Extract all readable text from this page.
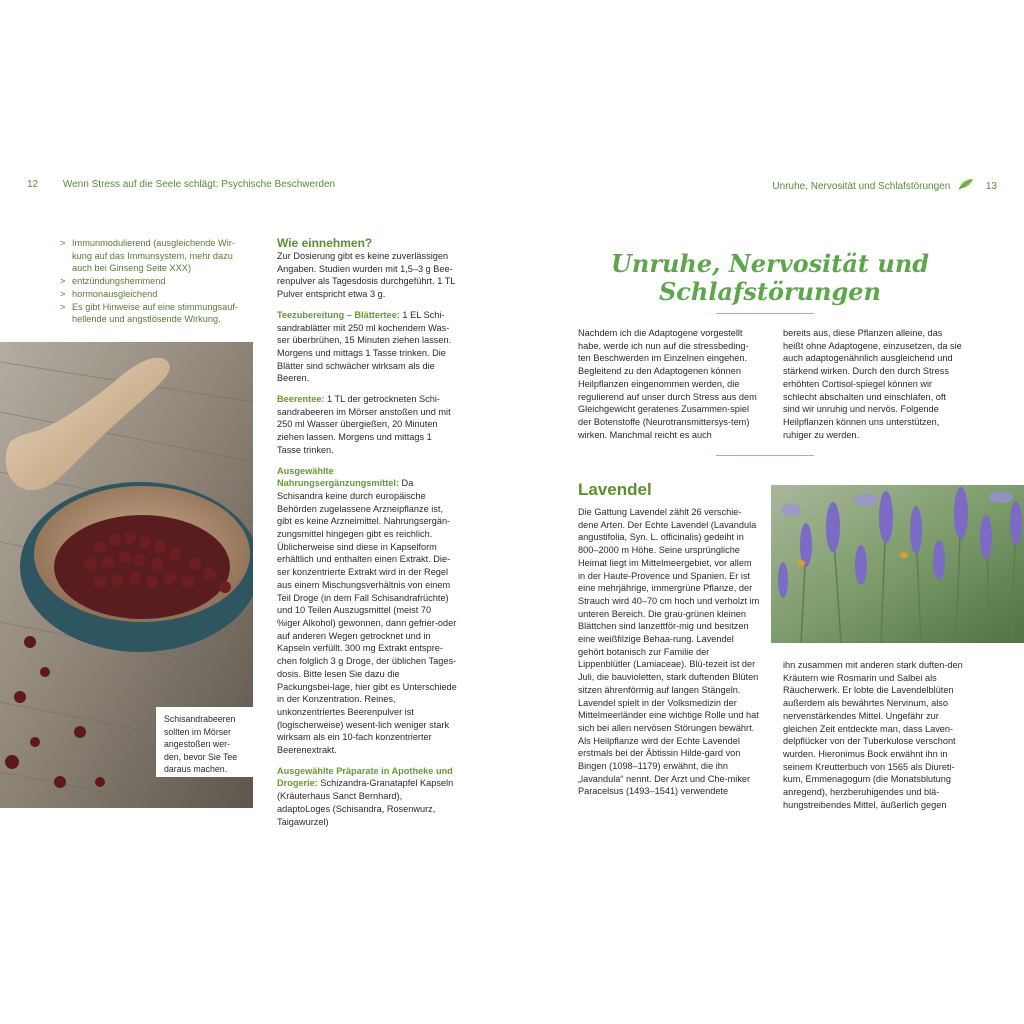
12 Wenn Stress auf die Seele schlägt: Psychische Beschwerden	Unruhe, Nervosität und Schlafstörungen	13
> Immunmodulierend (ausgleichende Wir-kung auf das Immunsystem, mehr dazu auch bei Ginseng Seite XXX)
> entzündungshemmend
> hormonausgleichend
> Es gibt Hinweise auf eine stimmungsauf-hellende und angstlösende Wirkung.
Schisandrabeeren sollten im Mörser angestoßen wer-den, bevor Sie Tee daraus machen.
Wie einnehmen?

Zur Dosierung gibt es keine zuverlässigen Angaben. Studien wurden mit 1,5–3 g Bee-renpulver als Tagesdosis durchgeführt. 1 TL Pulver entspricht etwa 3 g.

Teezubereitung – Blättertee: 1 EL Schi-sandrablätter mit 250 ml kochendem Was-ser überbrühen, 15 Minuten ziehen lassen. Morgens und mittags 1 Tasse trinken. Die Blätter sind schwächer wirksam als die Beeren.

Beerentee: 1 TL der getrockneten Schi-sandrabeeren im Mörser anstoßen und mit 250 ml Wasser übergießen, 20 Minuten ziehen lassen. Morgens und mittags 1 Tasse trinken.

Ausgewählte Nahrungsergänzungsmittel: Da Schisandra keine durch europäische Behörden zugelassene Arzneipflanze ist, gibt es keine Arzneimittel. Nahrungsergän-zungsmittel hingegen gibt es reichlich. Üblicherweise sind diese in Kapselform erhältlich und enthalten einen Extrakt. Die-ser konzentrierte Extrakt wird in der Regel aus einem Mischungsverhältnis von einem Teil Droge (in dem Fall Schisandrafrüchte) und 10 Teilen Auszugsmittel (meist 70 %iger Alkohol) gewonnen, dann gefrier-oder auf anderen Wegen getrocknet und in Kapseln verfüllt. 300 mg Extrakt entspre-chen folglich 3 g Droge, der üblichen Tages-dosis. Bitte lesen Sie dazu die Packungsbei-lage, hier gibt es Unterschiede in der Konzentration. Reines, unkonzentriertes Beerenpulver ist (logischerweise) wesent-lich weniger stark wirksam als ein 10-fach konzentrierter Beerenextrakt.

Ausgewählte Präparate in Apotheke und Drogerie: Schizandra-Granatapfel Kapseln (Kräuterhaus Sanct Bernhard), adaptoLoges (Schisandra, Rosenwurz, Taigawurzel)

Unruhe, Nervosität und
Schlafstörungen
Nachdem ich die Adaptogene vorgestellt habe, werde ich nun auf die stressbeding-ten Beschwerden im Einzelnen eingehen. Begleitend zu den Adaptogenen können Heilpflanzen eingenommen werden, die regulierend auf unser durch Stress aus dem Gleichgewicht geratenes Zusammen-spiel der Botenstoffe (Neurotransmittersys-tem) wirken. Manchmal reicht es auch
bereits aus, diese Pflanzen alleine, das heißt ohne Adaptogene, einzusetzen, da sie auch adaptogenähnlich ausgleichend und stärkend wirken. Durch den durch Stress erhöhten Cortisol-spiegel können wir schlecht abschalten und einschlafen, oft sind wir unruhig und nervös. Folgende Heilpflanzen können uns unterstützen, ruhiger zu werden.
Lavendel
Die Gattung Lavendel zählt 26 verschie-dene Arten. Der Echte Lavendel (Lavandula angustifolia, Syn. L. officinalis) gedeiht in 800–2000 m Höhe. Seine ursprüngliche Heimat liegt im Mittelmeergebiet, vor allem in der Haute-Provence und Spanien. Er ist eine mehrjährige, immergrüne Pflanze, der Strauch wird 40–70 cm hoch und verholzt im unteren Bereich. Die grau-grünen kleinen Blättchen sind lanzettför-mig und besitzen eine weißfilzige Behaa-rung. Lavendel gehört botanisch zur Familie der Lippenblütler (Lamiaceae). Blü-tezeit ist der Juli, die bauvioletten, stark duftenden Blüten sitzen ährenförmig auf langen Stängeln. Lavendel spielt in der Volksmedizin der Mittelmeerländer eine wichtige Rolle und hat sich bei allen nervösen Störungen bewährt. Als Heilpflanze wird der Echte Lavendel erstmals bei der Äbtissin Hilde-gard von Bingen (1098–1179) erwähnt, die ihn „lavandula“ nennt. Der Arzt und Che-miker Paracelsus (1493–1541) verwendete
ihn zusammen mit anderen stark duften-den Kräutern wie Rosmarin und Salbei als Räucherwerk. Er lobte die Lavendelblüten außerdem als bewährtes Nervinum, also nervenstärkendes Mittel. Ungefähr zur gleichen Zeit entdeckte man, dass Laven-delpflücker von der Tuberkulose verschont wurden. Hieronimus Bock erwähnt ihn in seinem Kreutterbuch von 1565 als Diureti-kum, Emmenagogum (die Monatsblutung anregend), herzberuhigendes und blä-hungstreibendes Mittel, äußerlich gegen
